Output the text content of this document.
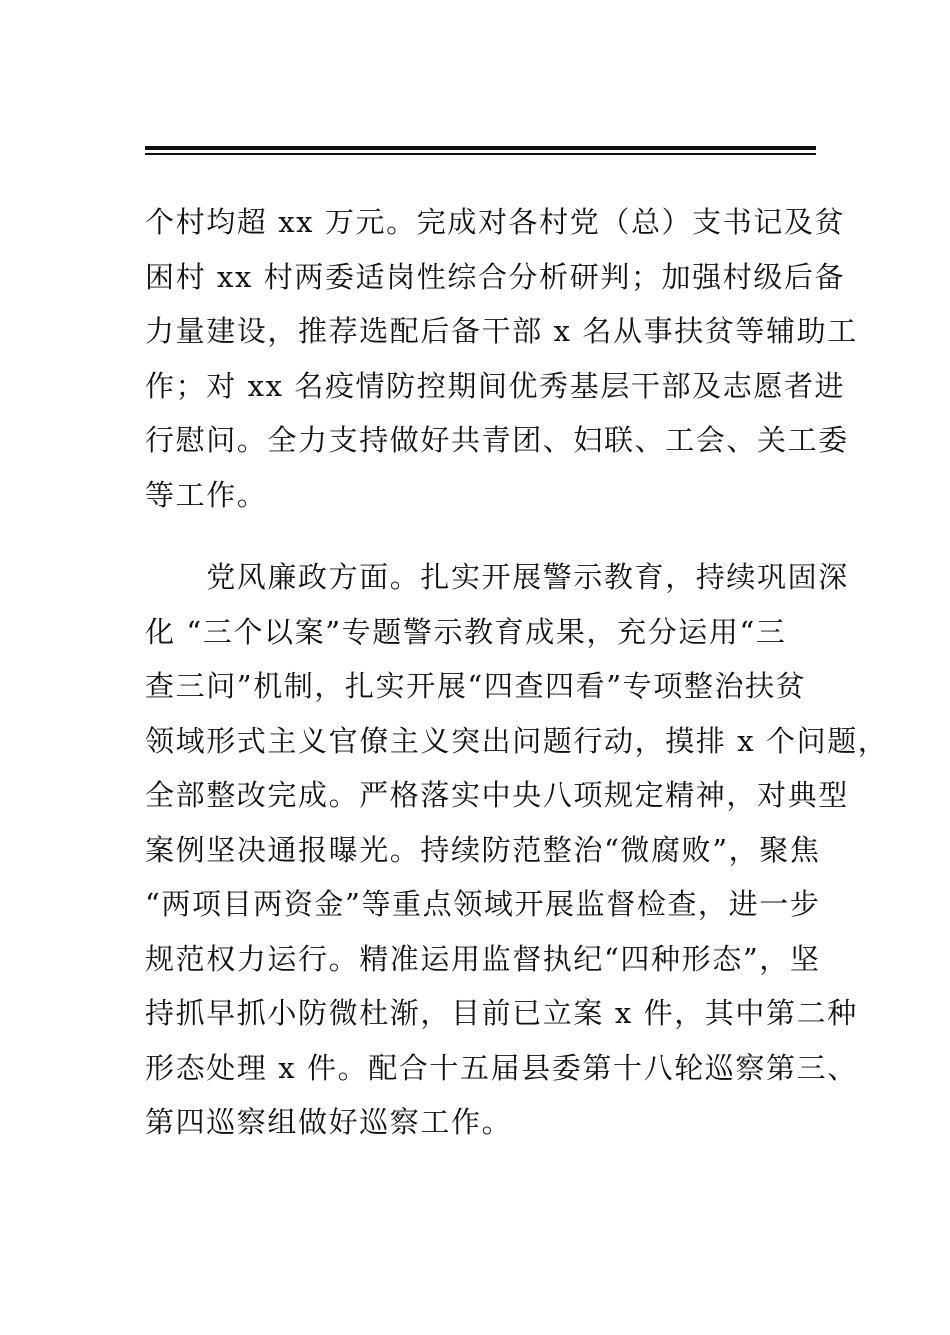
个村均超 xx 万元。完成对各村党（总）支书记及贫
困村 xx 村两委适岗性综合分析研判；加强村级后备
力量建设，推荐选配后备干部 x 名从事扶贫等辅助工
作；对 xx 名疫情防控期间优秀基层干部及志愿者进
行慰问。全力支持做好共青团、妇联、工会、关工委
等工作。
　　党风廉政方面。扎实开展警示教育，持续巩固深
化 “三个以案”专题警示教育成果，充分运用“三
查三问”机制，扎实开展“四查四看”专项整治扶贫
领域形式主义官僚主义突出问题行动，摸排 x 个问题，
全部整改完成。严格落实中央八项规定精神，对典型
案例坚决通报曝光。持续防范整治“微腐败”，聚焦
“两项目两资金”等重点领域开展监督检查，进一步
规范权力运行。精准运用监督执纪“四种形态”，坚
持抓早抓小防微杜渐，目前已立案 x 件，其中第二种
形态处理 x 件。配合十五届县委第十八轮巡察第三、
第四巡察组做好巡察工作。
